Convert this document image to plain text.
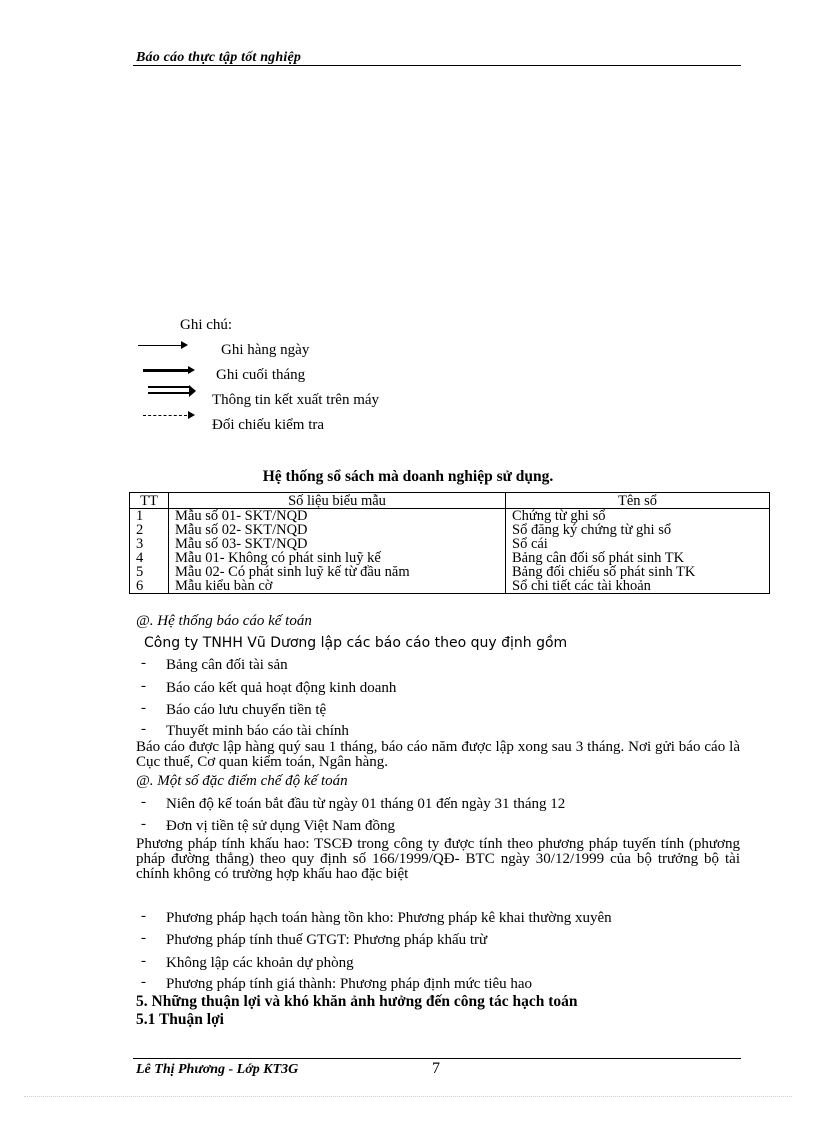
Báo cáo thực tập tốt nghiệp
Ghi chú:
Ghi hàng ngày
Ghi cuối tháng
Thông tin kết xuất trên máy
Đối chiếu kiểm tra
Hệ thống sổ sách mà doanh nghiệp sử dụng.
TT	Số liệu biểu mẫu	Tên sổ
1	Mẫu số 01- SKT/NQD	Chứng từ ghi sổ
2	Mẫu số 02- SKT/NQD	Sổ đăng ký chứng từ ghi sổ
3	Mẫu số 03- SKT/NQD	Sổ cái
4	Mẫu 01- Không có phát sinh luỹ kế	Bảng cân đối số phát sinh TK
5	Mẫu 02- Có phát sinh luỹ kế từ đầu năm	Bảng đối chiếu số phát sinh TK
6	Mẫu kiểu bàn cờ	Sổ chi tiết các tài khoản
@. Hệ thống báo cáo kế toán
Công ty TNHH Vũ Dương lập các báo cáo theo quy định gồm
- Bảng cân đối tài sản
- Báo cáo kết quả hoạt động kinh doanh
- Báo cáo lưu chuyển tiền tệ
- Thuyết minh báo cáo tài chính
Báo cáo được lập hàng quý sau 1 tháng, báo cáo năm được lập xong sau 3 tháng. Nơi gửi báo cáo là Cục thuế, Cơ quan kiểm toán, Ngân hàng.
@. Một số đặc điểm chế độ kế toán
- Niên độ kế toán bắt đầu từ ngày 01 tháng 01 đến ngày 31 tháng 12
- Đơn vị tiền tệ sử dụng Việt Nam đồng
Phương pháp tính khấu hao: TSCĐ trong công ty được tính theo phương pháp tuyến tính (phương pháp đường thẳng) theo quy định số 166/1999/QĐ- BTC ngày 30/12/1999 của bộ trưởng bộ tài chính không có trường hợp khấu hao đặc biệt
- Phương pháp hạch toán hàng tồn kho: Phương pháp kê khai thường xuyên
- Phương pháp tính thuế GTGT: Phương pháp khấu trừ
- Không lập các khoản dự phòng
- Phương pháp tính giá thành: Phương pháp định mức tiêu hao
5. Những thuận lợi và khó khăn ảnh hưởng đến công tác hạch toán
5.1 Thuận lợi
Lê Thị Phương - Lớp KT3G	7
